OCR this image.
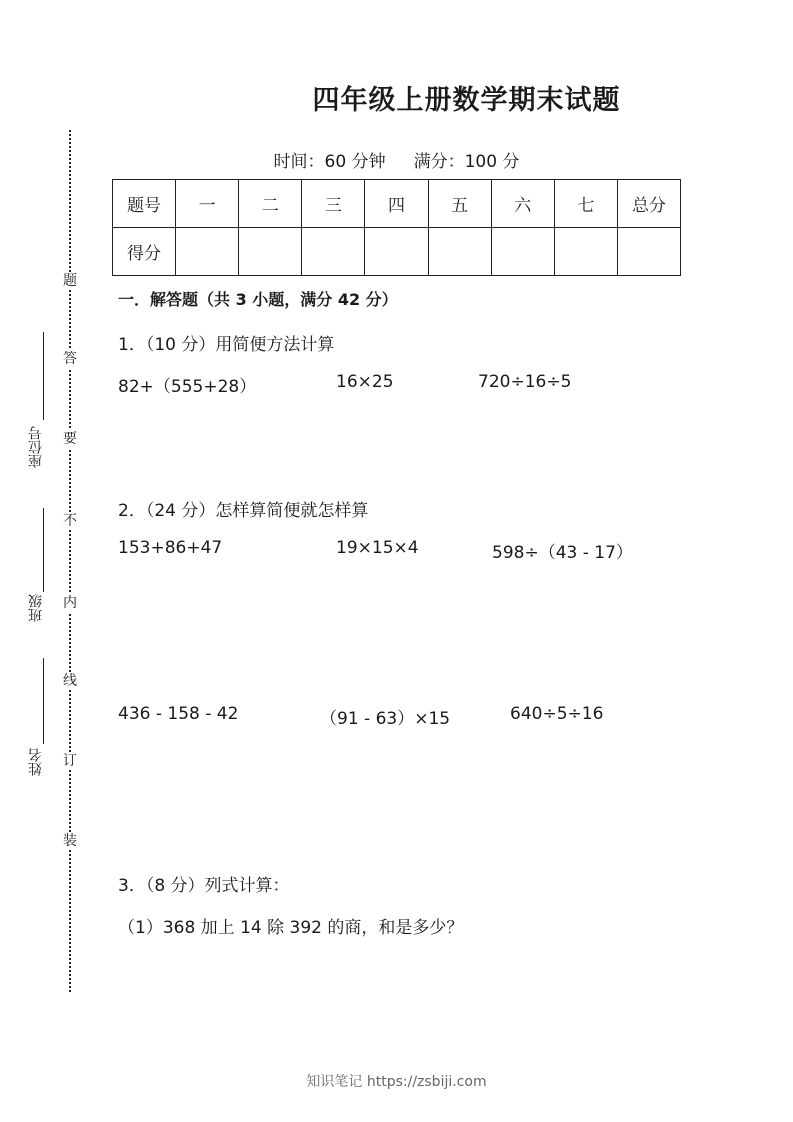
四年级上册数学期末试题
时间：60 分钟 满分：100 分
题号	一	二	三	四	五	六	七	总分
得分								
一．解答题（共 3 小题，满分 42 分）
1．（10 分）用简便方法计算
82+（555+28）	16×25	720÷16÷5
2．（24 分）怎样算简便就怎样算
153+86+47	19×15×4	598÷（43 - 17）
436 - 158 - 42	（91 - 63）×15	640÷5÷16
3．（8 分）列式计算：
（1）368 加上 14 除 392 的商，和是多少？
座位号
班级
姓名
题
答
要
不
内
线
订
装
知识笔记 https://zsbiji.com
